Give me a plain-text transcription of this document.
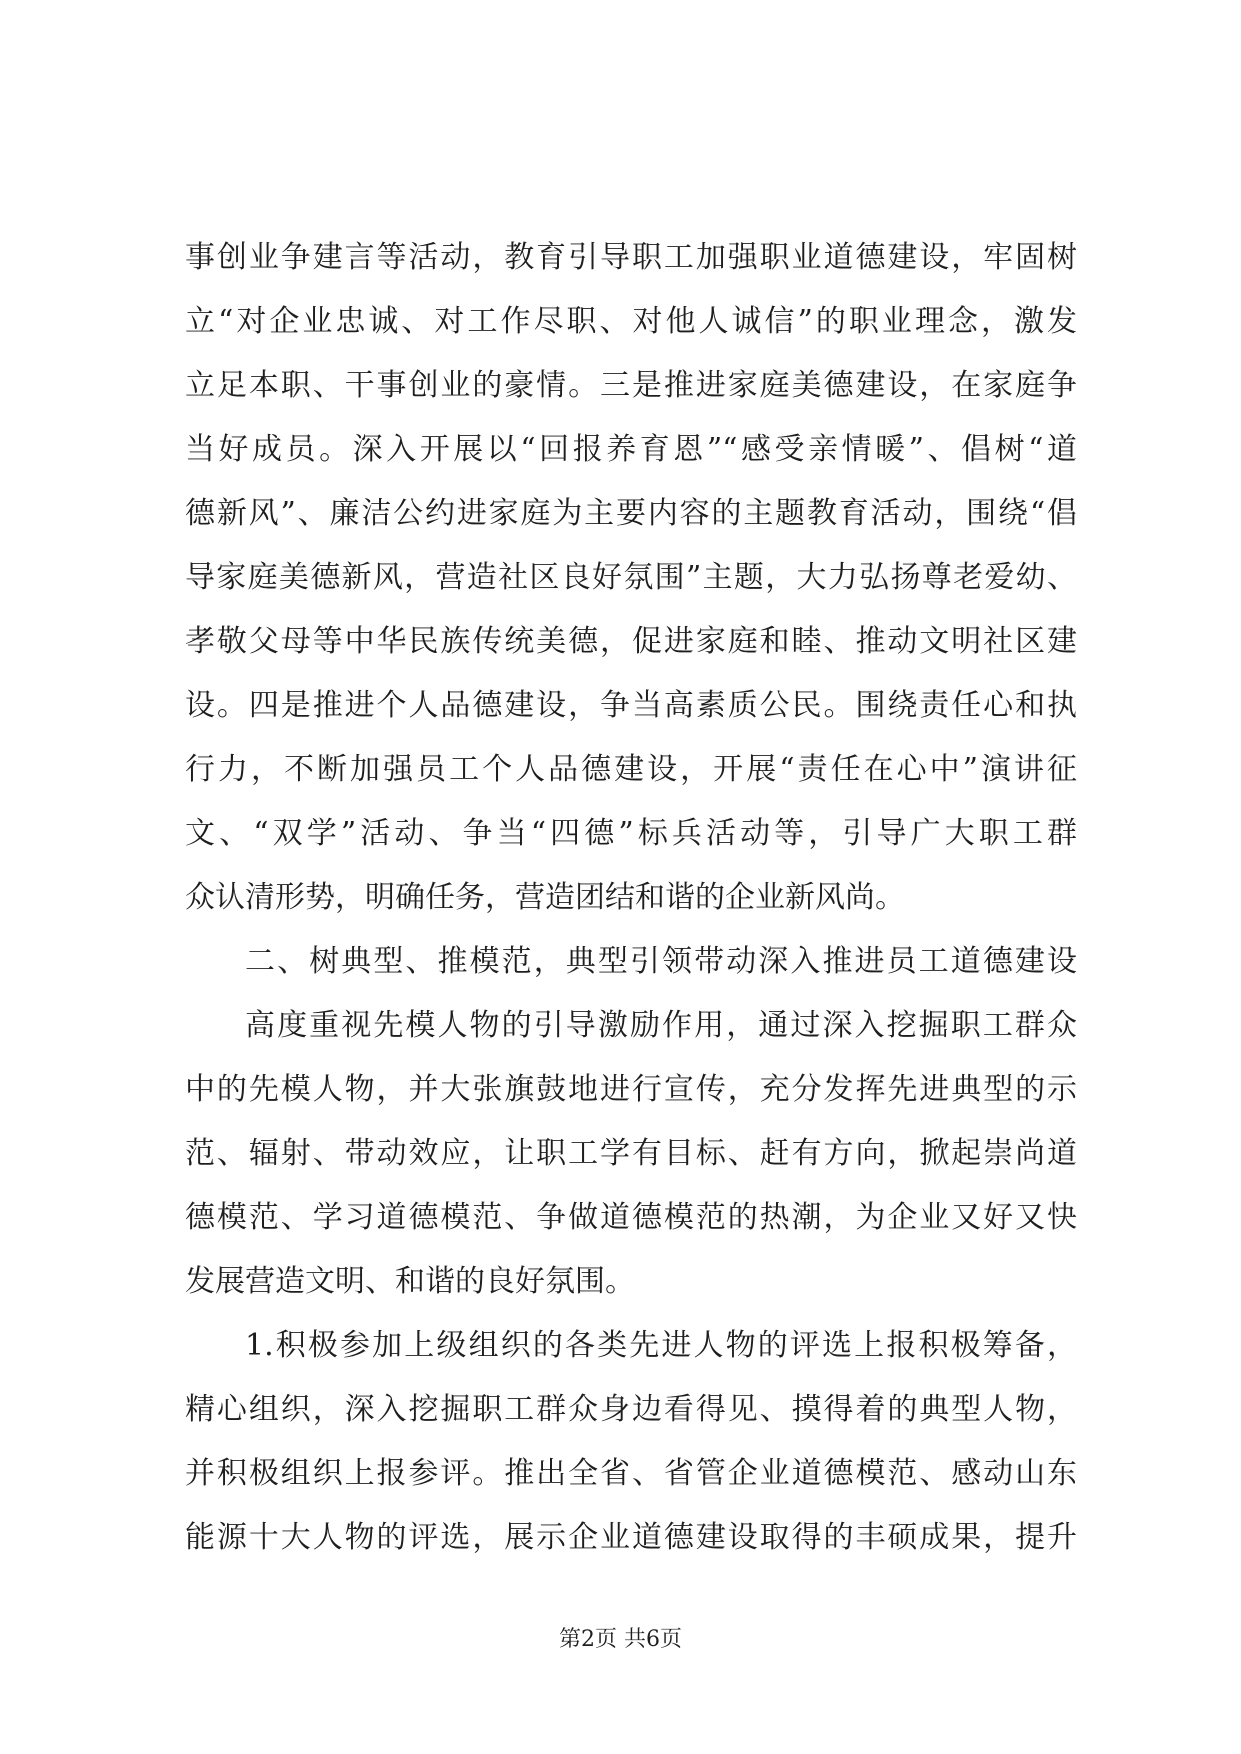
事创业争建言等活动，教育引导职工加强职业道德建设，牢固树
立“对企业忠诚、对工作尽职、对他人诚信”的职业理念，激发
立足本职、干事创业的豪情。三是推进家庭美德建设，在家庭争
当好成员。深入开展以“回报养育恩”“感受亲情暖”、倡树“道
德新风”、廉洁公约进家庭为主要内容的主题教育活动，围绕“倡
导家庭美德新风，营造社区良好氛围”主题，大力弘扬尊老爱幼、
孝敬父母等中华民族传统美德，促进家庭和睦、推动文明社区建
设。四是推进个人品德建设，争当高素质公民。围绕责任心和执
行力，不断加强员工个人品德建设，开展“责任在心中”演讲征
文、“双学”活动、争当“四德”标兵活动等，引导广大职工群
众认清形势，明确任务，营造团结和谐的企业新风尚。
二、树典型、推模范，典型引领带动深入推进员工道德建设
高度重视先模人物的引导激励作用，通过深入挖掘职工群众
中的先模人物，并大张旗鼓地进行宣传，充分发挥先进典型的示
范、辐射、带动效应，让职工学有目标、赶有方向，掀起崇尚道
德模范、学习道德模范、争做道德模范的热潮，为企业又好又快
发展营造文明、和谐的良好氛围。
1.积极参加上级组织的各类先进人物的评选上报积极筹备，
精心组织，深入挖掘职工群众身边看得见、摸得着的典型人物，
并积极组织上报参评。推出全省、省管企业道德模范、感动山东
能源十大人物的评选，展示企业道德建设取得的丰硕成果，提升
第2页 共6页
